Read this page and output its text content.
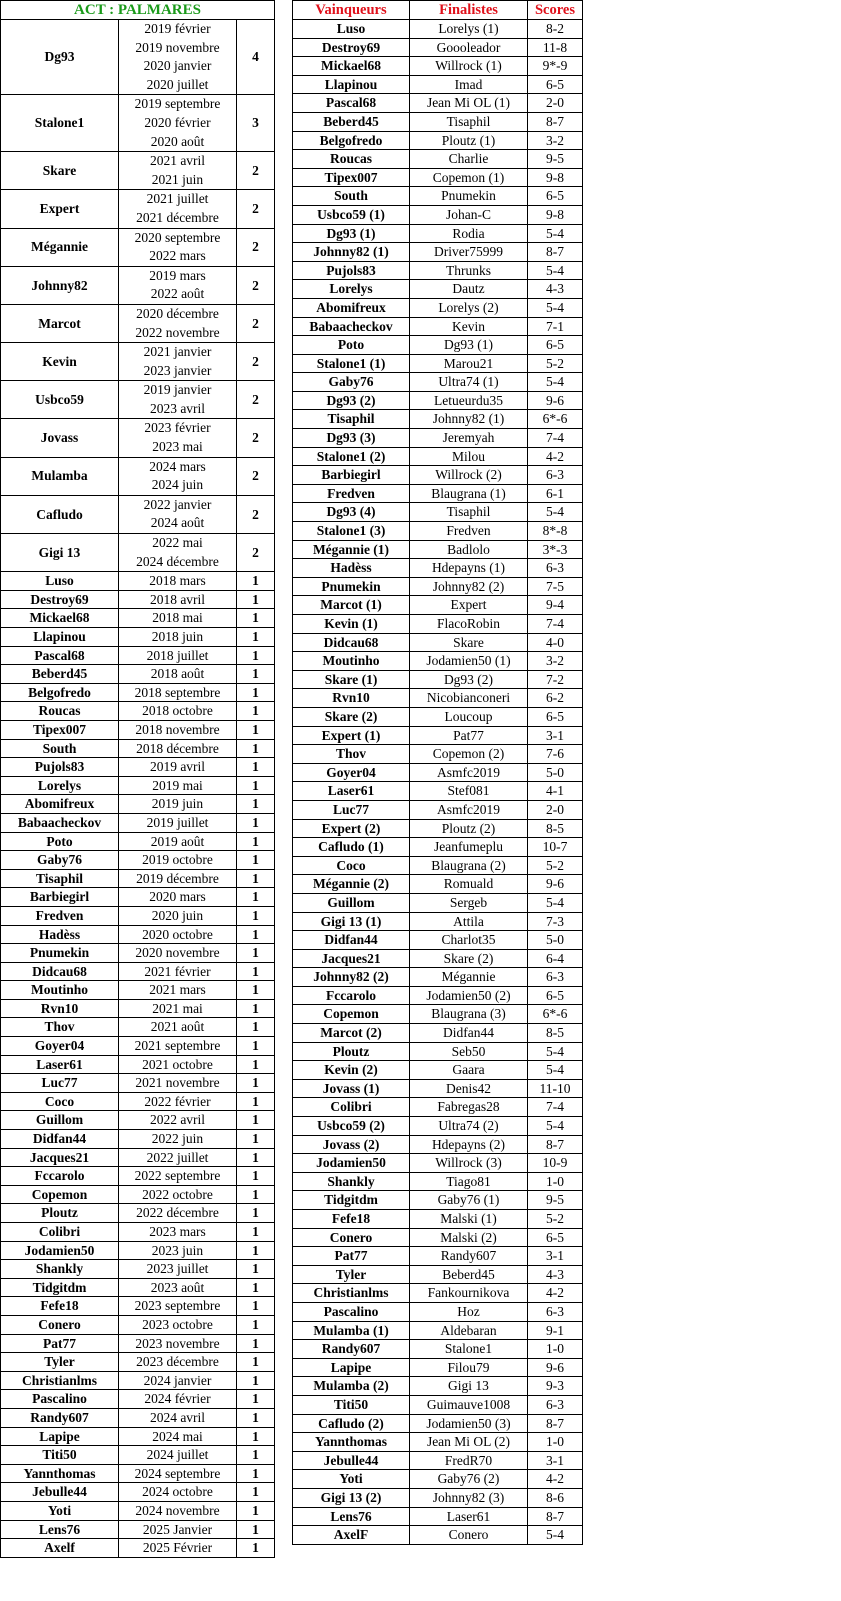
ACT : PALMARES		
Dg93	2019 février
2019 novembre
2020 janvier
2020 juillet	4
Stalone1	2019 septembre
2020 février
2020 août	3
Skare	2021 avril
2021 juin	2
Expert	2021 juillet
2021 décembre	2
Mégannie	2020 septembre
2022 mars	2
Johnny82	2019 mars
2022 août	2
Marcot	2020 décembre
2022 novembre	2
Kevin	2021 janvier
2023 janvier	2
Usbco59	2019 janvier
2023 avril	2
Jovass	2023 février
2023 mai	2
Mulamba	2024 mars
2024 juin	2
Cafludo	2022 janvier
2024 août	2
Gigi 13	2022 mai
2024 décembre	2
Luso	2018 mars	1
Destroy69	2018 avril	1
Mickael68	2018 mai	1
Llapinou	2018 juin	1
Pascal68	2018 juillet	1
Beberd45	2018 août	1
Belgofredo	2018 septembre	1
Roucas	2018 octobre	1
Tipex007	2018 novembre	1
South	2018 décembre	1
Pujols83	2019 avril	1
Lorelys	2019 mai	1
Abomifreux	2019 juin	1
Babaacheckov	2019 juillet	1
Poto	2019 août	1
Gaby76	2019 octobre	1
Tisaphil	2019 décembre	1
Barbiegirl	2020 mars	1
Fredven	2020 juin	1
Hadèss	2020 octobre	1
Pnumekin	2020 novembre	1
Didcau68	2021 février	1
Moutinho	2021 mars	1
Rvn10	2021 mai	1
Thov	2021 août	1
Goyer04	2021 septembre	1
Laser61	2021 octobre	1
Luc77	2021 novembre	1
Coco	2022 février	1
Guillom	2022 avril	1
Didfan44	2022 juin	1
Jacques21	2022 juillet	1
Fccarolo	2022 septembre	1
Copemon	2022 octobre	1
Ploutz	2022 décembre	1
Colibri	2023 mars	1
Jodamien50	2023 juin	1
Shankly	2023 juillet	1
Tidgitdm	2023 août	1
Fefe18	2023 septembre	1
Conero	2023 octobre	1
Pat77	2023 novembre	1
Tyler	2023 décembre	1
Christianlms	2024 janvier	1
Pascalino	2024 février	1
Randy607	2024 avril	1
Lapipe	2024 mai	1
Titi50	2024 juillet	1
Yannthomas	2024 septembre	1
Jebulle44	2024 octobre	1
Yoti	2024 novembre	1
Lens76	2025 Janvier	1
Axelf	2025 Février	1
Vainqueurs	Finalistes	Scores
Luso	Lorelys (1)	8-2
Destroy69	Goooleador	11-8
Mickael68	Willrock (1)	9*-9
Llapinou	Imad	6-5
Pascal68	Jean Mi OL (1)	2-0
Beberd45	Tisaphil	8-7
Belgofredo	Ploutz (1)	3-2
Roucas	Charlie	9-5
Tipex007	Copemon (1)	9-8
South	Pnumekin	6-5
Usbco59 (1)	Johan-C	9-8
Dg93 (1)	Rodia	5-4
Johnny82 (1)	Driver75999	8-7
Pujols83	Thrunks	5-4
Lorelys	Dautz	4-3
Abomifreux	Lorelys (2)	5-4
Babaacheckov	Kevin	7-1
Poto	Dg93 (1)	6-5
Stalone1 (1)	Marou21	5-2
Gaby76	Ultra74 (1)	5-4
Dg93 (2)	Letueurdu35	9-6
Tisaphil	Johnny82 (1)	6*-6
Dg93 (3)	Jeremyah	7-4
Stalone1 (2)	Milou	4-2
Barbiegirl	Willrock (2)	6-3
Fredven	Blaugrana (1)	6-1
Dg93 (4)	Tisaphil	5-4
Stalone1 (3)	Fredven	8*-8
Mégannie (1)	Badlolo	3*-3
Hadèss	Hdepayns (1)	6-3
Pnumekin	Johnny82 (2)	7-5
Marcot (1)	Expert	9-4
Kevin (1)	FlacoRobin	7-4
Didcau68	Skare	4-0
Moutinho	Jodamien50 (1)	3-2
Skare (1)	Dg93 (2)	7-2
Rvn10	Nicobianconeri	6-2
Skare (2)	Loucoup	6-5
Expert (1)	Pat77	3-1
Thov	Copemon (2)	7-6
Goyer04	Asmfc2019	5-0
Laser61	Stef081	4-1
Luc77	Asmfc2019	2-0
Expert (2)	Ploutz (2)	8-5
Cafludo (1)	Jeanfumeplu	10-7
Coco	Blaugrana (2)	5-2
Mégannie (2)	Romuald	9-6
Guillom	Sergeb	5-4
Gigi 13 (1)	Attila	7-3
Didfan44	Charlot35	5-0
Jacques21	Skare (2)	6-4
Johnny82 (2)	Mégannie	6-3
Fccarolo	Jodamien50 (2)	6-5
Copemon	Blaugrana (3)	6*-6
Marcot (2)	Didfan44	8-5
Ploutz	Seb50	5-4
Kevin (2)	Gaara	5-4
Jovass (1)	Denis42	11-10
Colibri	Fabregas28	7-4
Usbco59 (2)	Ultra74 (2)	5-4
Jovass (2)	Hdepayns (2)	8-7
Jodamien50	Willrock (3)	10-9
Shankly	Tiago81	1-0
Tidgitdm	Gaby76 (1)	9-5
Fefe18	Malski (1)	5-2
Conero	Malski (2)	6-5
Pat77	Randy607	3-1
Tyler	Beberd45	4-3
Christianlms	Fankournikova	4-2
Pascalino	Hoz	6-3
Mulamba (1)	Aldebaran	9-1
Randy607	Stalone1	1-0
Lapipe	Filou79	9-6
Mulamba (2)	Gigi 13	9-3
Titi50	Guimauve1008	6-3
Cafludo (2)	Jodamien50 (3)	8-7
Yannthomas	Jean Mi OL (2)	1-0
Jebulle44	FredR70	3-1
Yoti	Gaby76 (2)	4-2
Gigi 13 (2)	Johnny82 (3)	8-6
Lens76	Laser61	8-7
AxelF	Conero	5-4
